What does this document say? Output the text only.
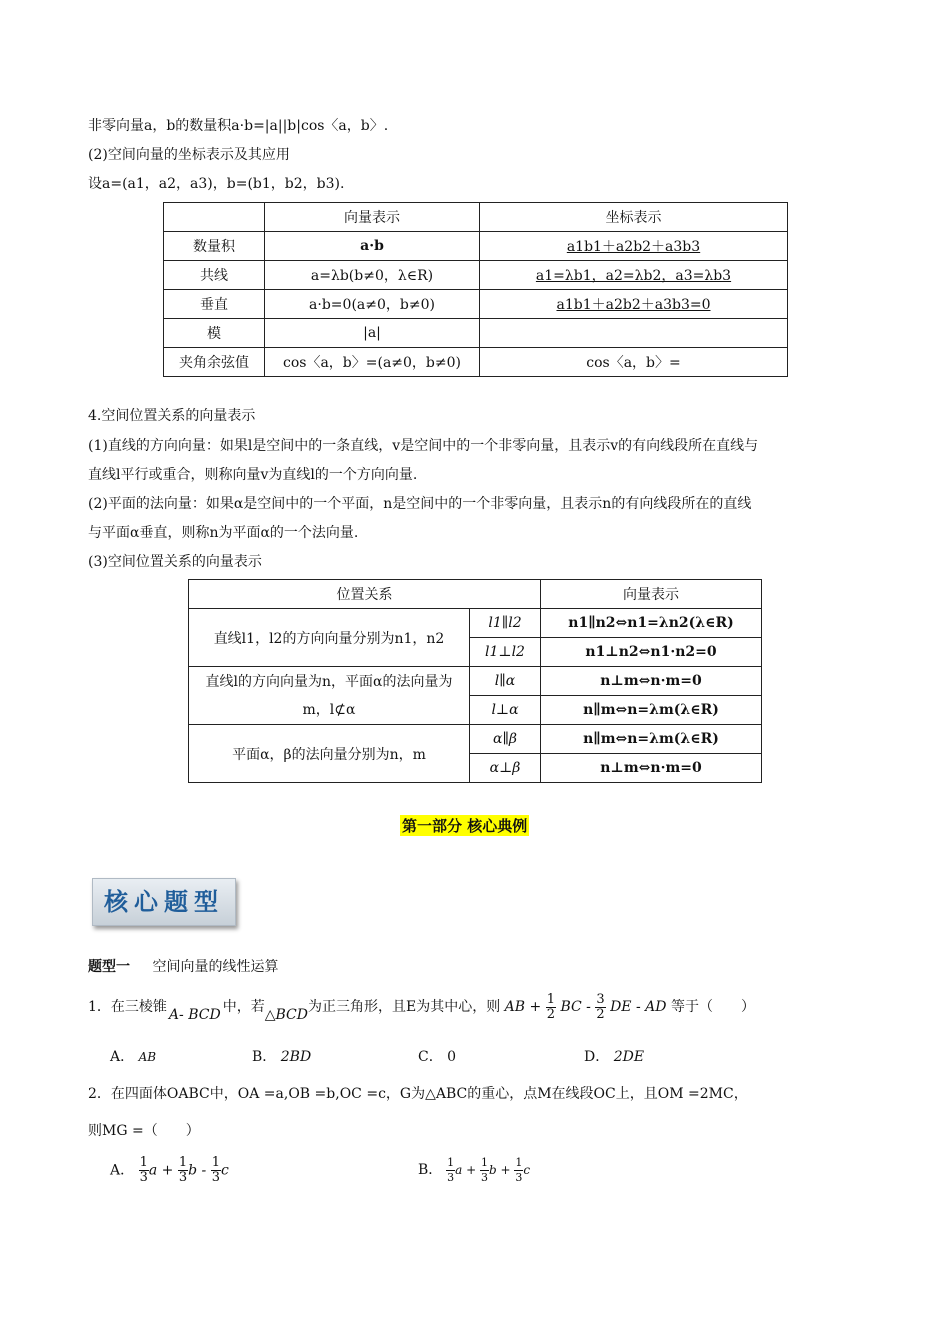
非零向量a，b的数量积a·b=|a||b|cos〈a，b〉.
(2)空间向量的坐标表示及其应用
设a=(a1，a2，a3)，b=(b1，b2，b3).
	向量表示	坐标表示
数量积	a·b	a1b1＋a2b2＋a3b3
共线	a=λb(b≠0，λ∈R)	a1=λb1，a2=λb2，a3=λb3
垂直	a·b=0(a≠0，b≠0)	a1b1＋a2b2＋a3b3=0
模	|a|	
夹角余弦值	cos〈a，b〉=(a≠0，b≠0)	cos〈a，b〉=
4.空间位置关系的向量表示
(1)直线的方向向量：如果l是空间中的一条直线，v是空间中的一个非零向量，且表示v的有向线段所在直线与
直线l平行或重合，则称向量v为直线l的一个方向向量.
(2)平面的法向量：如果α是空间中的一个平面，n是空间中的一个非零向量，且表示n的有向线段所在的直线
与平面α垂直，则称n为平面α的一个法向量.
(3)空间位置关系的向量表示
位置关系		向量表示
直线l1，l2的方向向量分别为n1，n2	l1∥l2	n1∥n2⇔n1=λn2(λ∈R)
	l1⊥l2	n1⊥n2⇔n1·n2=0
直线l的方向向量为n，平面α的法向量为m，l⊄α	l∥α	n⊥m⇔n·m=0
	l⊥α	n∥m⇔n=λm(λ∈R)
平面α，β的法向量分别为n，m	α∥β	n∥m⇔n=λm(λ∈R)
	α⊥β	n⊥m⇔n·m=0
第一部分 核心典例
核心题型
题型一 空间向量的线性运算
1．在三棱锥 A- BCD 中，若△BCD为正三角形，且E为其中心，则 AB + $\frac{1}{2}$ BC - $\frac{3}{2}$ DE - AD 等于（　　）
A． AB	B． 2BD	C． 0	D． 2DE
2．在四面体OABC中，OA =a,OB =b,OC =c，G为△ABC的重心，点M在线段OC上，且OM =2MC，
则MG =（　　）
A． $\frac{1}{3}$ $a + \frac{1}{3}$ b - $\frac{1}{3}$ c	B． $\frac{1}{3}$ $a + \frac{1}{3}$ $b + \frac{1}{3}$ c
